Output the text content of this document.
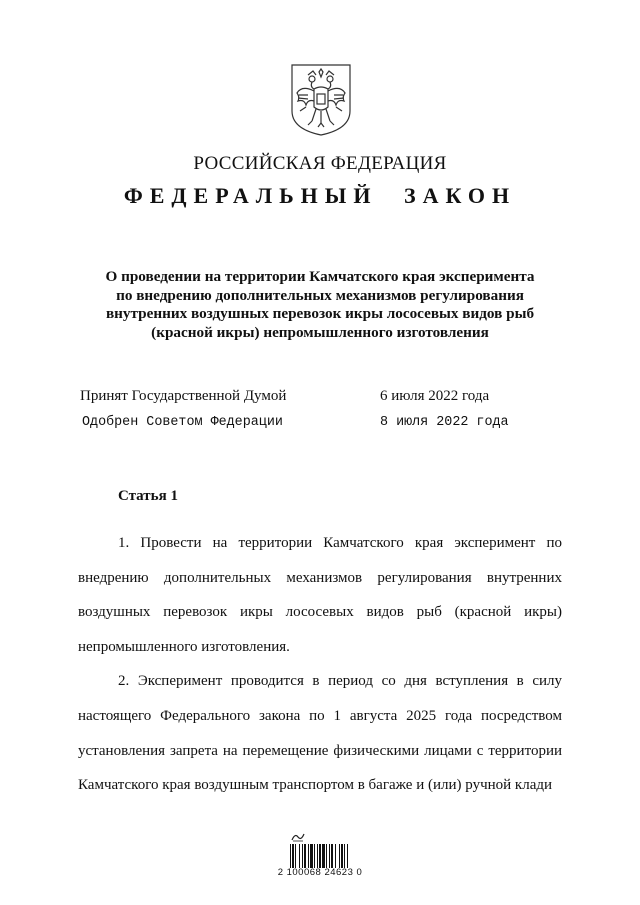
РОССИЙСКАЯ ФЕДЕРАЦИЯ
ФЕДЕРАЛЬНЫЙ ЗАКОН
О проведении на территории Камчатского края эксперимента
по внедрению дополнительных механизмов регулирования
внутренних воздушных перевозок икры лососевых видов рыб
(красной икры) непромышленного изготовления
Принят Государственной Думой	6 июля 2022 года
Одобрен Советом Федерации	8 июля 2022 года
Статья 1

1. Провести на территории Камчатского края эксперимент по внедрению дополнительных механизмов регулирования внутренних воздушных перевозок икры лососевых видов рыб (красной икры) непромышленного изготовления.

2. Эксперимент проводится в период со дня вступления в силу настоящего Федерального закона по 1 августа 2025 года посредством установления запрета на перемещение физическими лицами с территории Камчатского края воздушным транспортом в багаже и (или) ручной клади

2 100068 24623 0
